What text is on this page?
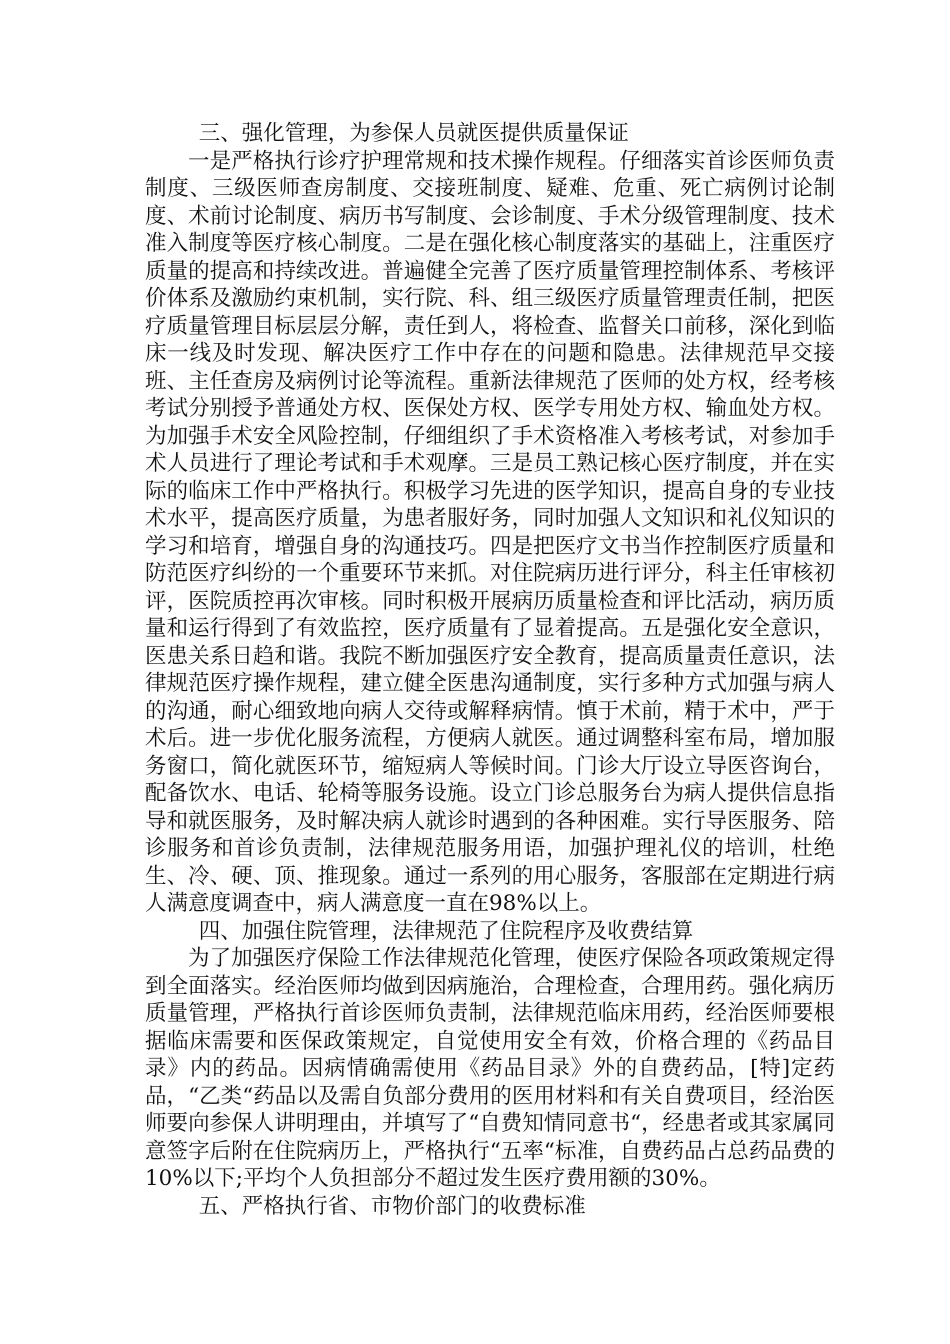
三、强化管理，为参保人员就医提供质量保证

一是严格执行诊疗护理常规和技术操作规程。仔细落实首诊医师负责制度、三级医师查房制度、交接班制度、疑难、危重、死亡病例讨论制度、术前讨论制度、病历书写制度、会诊制度、手术分级管理制度、技术准入制度等医疗核心制度。二是在强化核心制度落实的基础上，注重医疗质量的提高和持续改进。普遍健全完善了医疗质量管理控制体系、考核评价体系及激励约束机制，实行院、科、组三级医疗质量管理责任制，把医疗质量管理目标层层分解，责任到人，将检查、监督关口前移，深化到临床一线及时发现、解决医疗工作中存在的问题和隐患。法律规范早交接班、主任查房及病例讨论等流程。重新法律规范了医师的处方权，经考核考试分别授予普通处方权、医保处方权、医学专用处方权、输血处方权。为加强手术安全风险控制，仔细组织了手术资格准入考核考试，对参加手术人员进行了理论考试和手术观摩。三是员工熟记核心医疗制度，并在实际的临床工作中严格执行。积极学习先进的医学知识，提高自身的专业技术水平，提高医疗质量，为患者服好务，同时加强人文知识和礼仪知识的学习和培育，增强自身的沟通技巧。四是把医疗文书当作控制医疗质量和防范医疗纠纷的一个重要环节来抓。对住院病历进行评分，科主任审核初评，医院质控再次审核。同时积极开展病历质量检查和评比活动，病历质量和运行得到了有效监控，医疗质量有了显着提高。五是强化安全意识，医患关系日趋和谐。我院不断加强医疗安全教育，提高质量责任意识，法律规范医疗操作规程，建立健全医患沟通制度，实行多种方式加强与病人的沟通，耐心细致地向病人交待或解释病情。慎于术前，精于术中，严于术后。进一步优化服务流程，方便病人就医。通过调整科室布局，增加服务窗口，简化就医环节，缩短病人等候时间。门诊大厅设立导医咨询台，配备饮水、电话、轮椅等服务设施。设立门诊总服务台为病人提供信息指导和就医服务，及时解决病人就诊时遇到的各种困难。实行导医服务、陪诊服务和首诊负责制，法律规范服务用语，加强护理礼仪的培训，杜绝生、冷、硬、顶、推现象。通过一系列的用心服务，客服部在定期进行病人满意度调查中，病人满意度一直在98%以上。

四、加强住院管理，法律规范了住院程序及收费结算

为了加强医疗保险工作法律规范化管理，使医疗保险各项政策规定得到全面落实。经治医师均做到因病施治，合理检查，合理用药。强化病历质量管理，严格执行首诊医师负责制，法律规范临床用药，经治医师要根据临床需要和医保政策规定，自觉使用安全有效，价格合理的《药品目录》内的药品。因病情确需使用《药品目录》外的自费药品，[特]定药品，“乙类“药品以及需自负部分费用的医用材料和有关自费项目，经治医师要向参保人讲明理由，并填写了“自费知情同意书“，经患者或其家属同意签字后附在住院病历上，严格执行“五率“标准，自费药品占总药品费的10%以下;平均个人负担部分不超过发生医疗费用额的30%。

五、严格执行省、市物价部门的收费标准
